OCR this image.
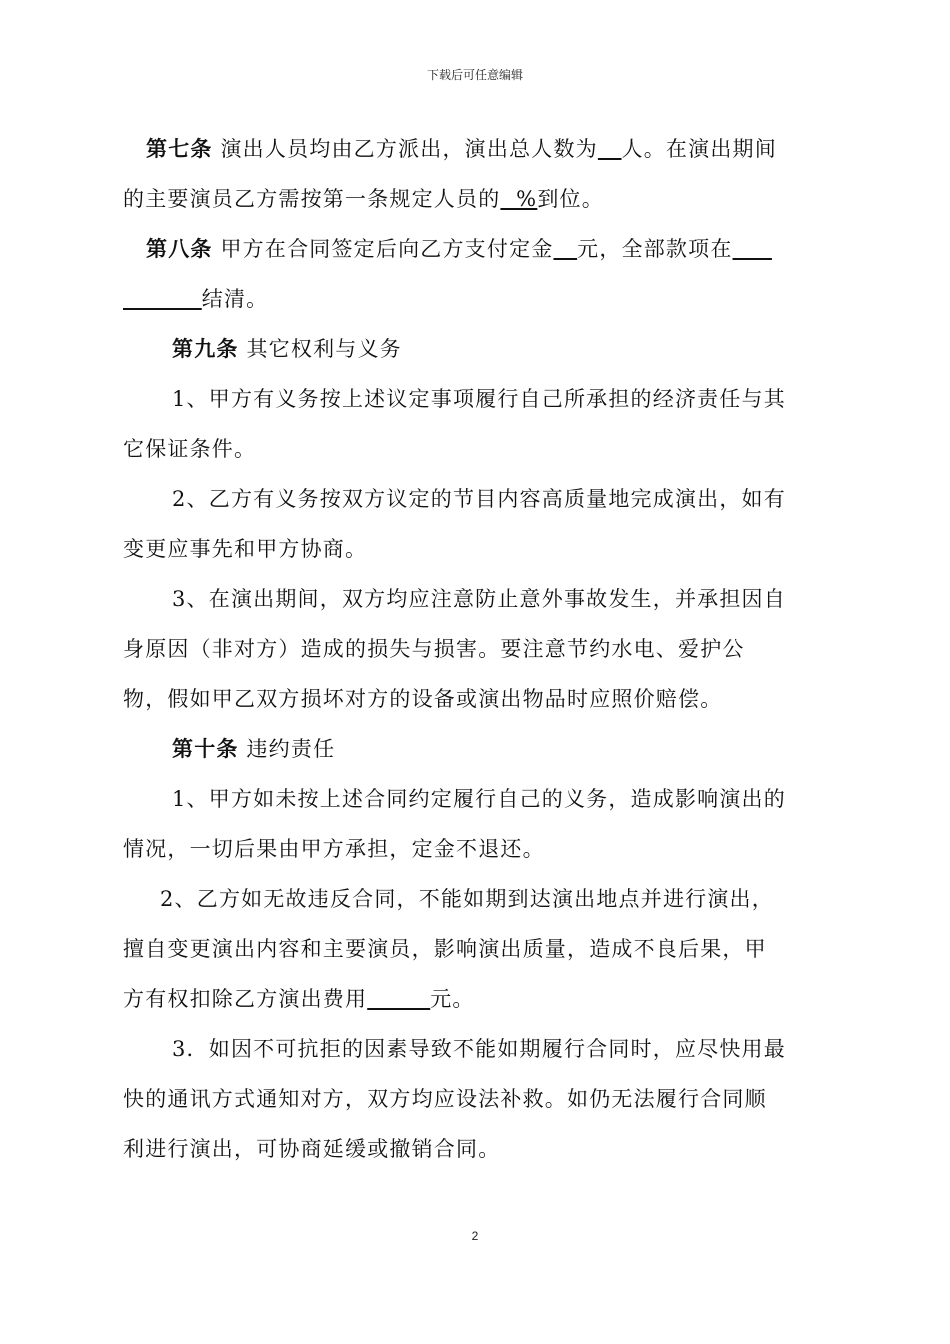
下载后可任意编辑
第七条 演出人员均由乙方派出，演出总人数为 人。在演出期间
的主要演员乙方需按第一条规定人员的  %到位。
第八条 甲方在合同签定后向乙方支付定金 元，全部款项在
结清。
第九条 其它权利与义务
1、甲方有义务按上述议定事项履行自己所承担的经济责任与其
它保证条件。
2、乙方有义务按双方议定的节目内容高质量地完成演出，如有
变更应事先和甲方协商。
3、在演出期间，双方均应注意防止意外事故发生，并承担因自
身原因（非对方）造成的损失与损害。要注意节约水电、爱护公
物，假如甲乙双方损坏对方的设备或演出物品时应照价赔偿。
第十条 违约责任
1、甲方如未按上述合同约定履行自己的义务，造成影响演出的
情况，一切后果由甲方承担，定金不退还。
2、乙方如无故违反合同，不能如期到达演出地点并进行演出，
擅自变更演出内容和主要演员，影响演出质量，造成不良后果，甲
方有权扣除乙方演出费用	元。
3．如因不可抗拒的因素导致不能如期履行合同时，应尽快用最
快的通讯方式通知对方，双方均应设法补救。如仍无法履行合同顺
利进行演出，可协商延缓或撤销合同。
2
